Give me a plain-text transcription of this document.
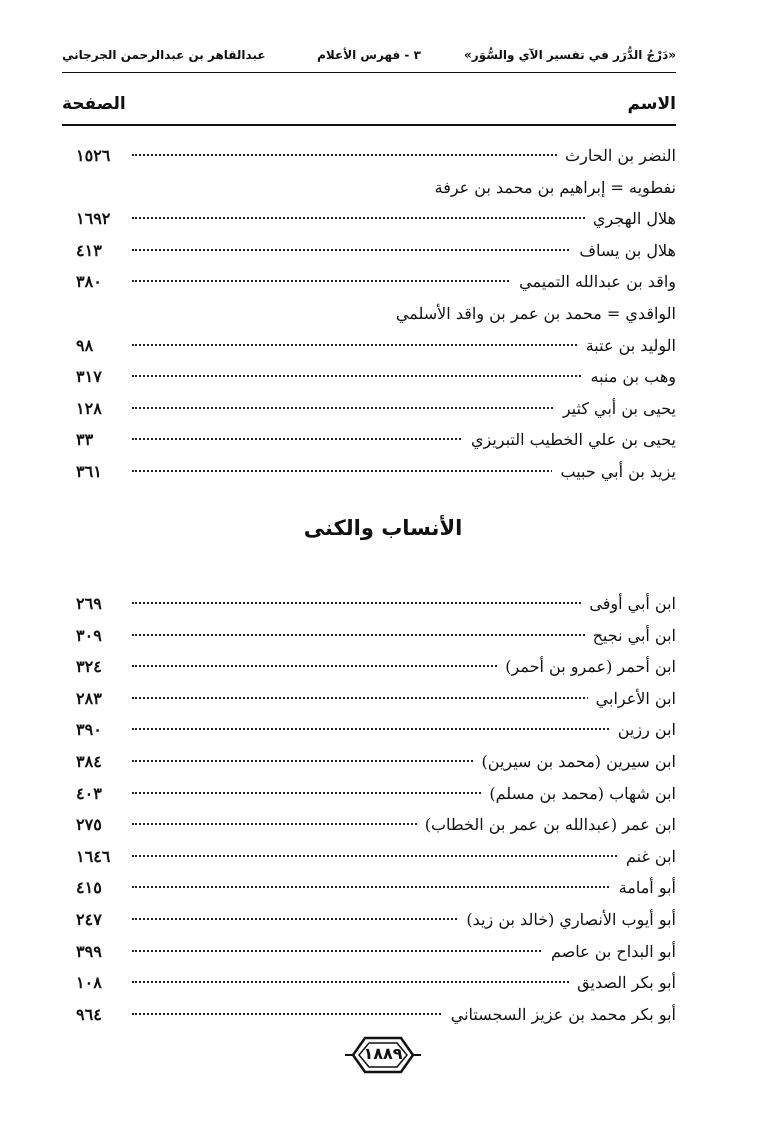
«دَرْجُ الدُّرَر في تفسير الآي والسُّوَر»
٣ - فهرس الأعلام
عبدالقاهر بن عبدالرحمن الجرجاني
الاسم
الصفحة
النضر بن الحارث
١٥٢٦
نفطويه = إبراهيم بن محمد بن عرفة
هلال الهجري
١٦٩٢
هلال بن يساف
٤١٣
واقد بن عبدالله التميمي
٣٨٠
الواقدي = محمد بن عمر بن واقد الأسلمي
الوليد بن عتبة
٩٨
وهب بن منبه
٣١٧
يحيى بن أبي كثير
١٢٨
يحيى بن علي الخطيب التبريزي
٣٣
يزيد بن أبي حبيب
٣٦١
الأنساب والكنى
ابن أبي أوفى
٢٦٩
ابن أبي نجيح
٣٠٩
ابن أحمر (عمرو بن أحمر)
٣٢٤
ابن الأعرابي
٢٨٣
ابن رزين
٣٩٠
ابن سيرين (محمد بن سيرين)
٣٨٤
ابن شهاب (محمد بن مسلم)
٤٠٣
ابن عمر (عبدالله بن عمر بن الخطاب)
٢٧٥
ابن غنم
١٦٤٦
أبو أمامة
٤١٥
أبو أيوب الأنصاري (خالد بن زيد)
٢٤٧
أبو البداح بن عاصم
٣٩٩
أبو بكر الصديق
١٠٨
أبو بكر محمد بن عزيز السجستاني
٩٦٤
١٨٨٩
